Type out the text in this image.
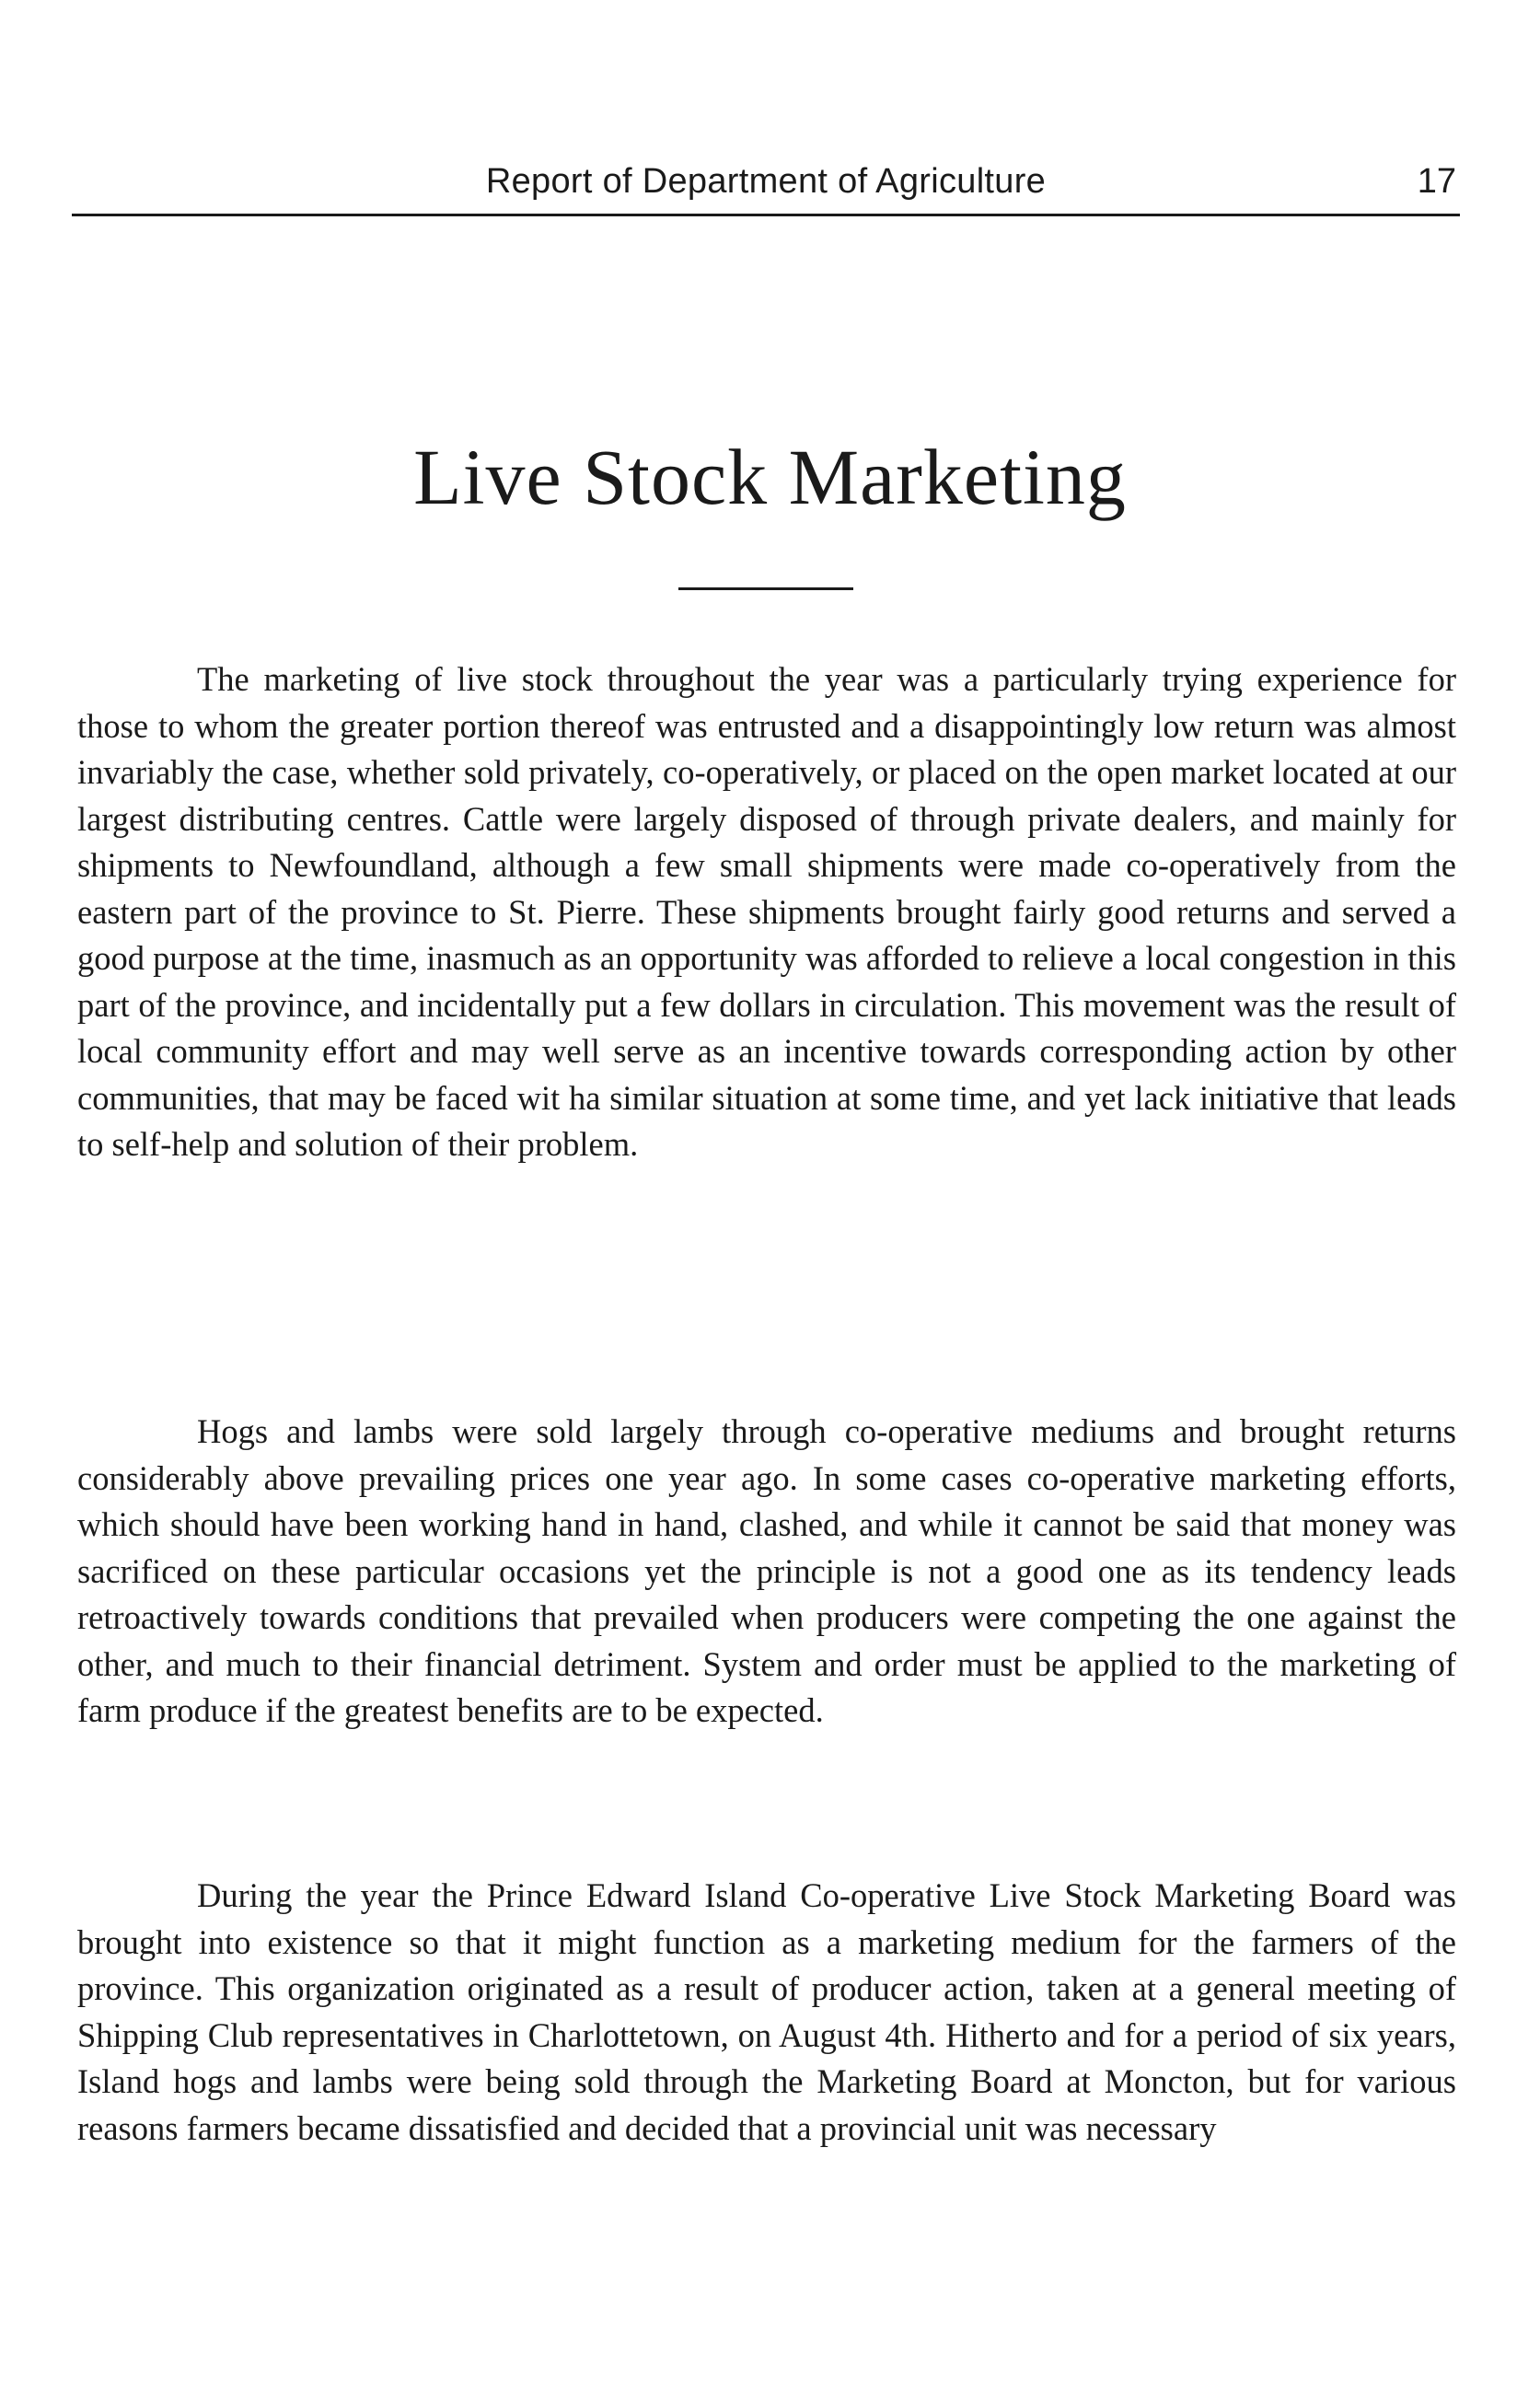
Report of Department of Agriculture	17
Live Stock Marketing

The marketing of live stock throughout the year was a particularly trying experience for those to whom the greater portion thereof was entrusted and a disappointingly low return was almost invariably the case, whether sold privately, co-operatively, or placed on the open market located at our largest distributing centres. Cattle were largely disposed of through private dealers, and mainly for shipments to Newfoundland, although a few small shipments were made co-operatively from the eastern part of the province to St. Pierre. These shipments brought fairly good returns and served a good purpose at the time, inasmuch as an opportunity was afforded to relieve a local congestion in this part of the province, and incidentally put a few dollars in circulation. This movement was the result of local community effort and may well serve as an incentive towards corresponding action by other communities, that may be faced wit ha similar situation at some time, and yet lack initiative that leads to self-help and solution of their problem.

Hogs and lambs were sold largely through co-operative mediums and brought returns considerably above prevailing prices one year ago. In some cases co-operative marketing efforts, which should have been working hand in hand, clashed, and while it cannot be said that money was sacrificed on these particular occasions yet the principle is not a good one as its tendency leads retroactively towards conditions that prevailed when producers were competing the one against the other, and much to their financial detriment. System and order must be applied to the marketing of farm produce if the greatest benefits are to be expected.

During the year the Prince Edward Island Co-operative Live Stock Marketing Board was brought into existence so that it might function as a marketing medium for the farmers of the province. This organization originated as a result of producer action, taken at a general meeting of Shipping Club representatives in Charlottetown, on August 4th. Hitherto and for a period of six years, Island hogs and lambs were being sold through the Marketing Board at Moncton, but for various reasons farmers became dissatisfied and decided that a provincial unit was necessary
